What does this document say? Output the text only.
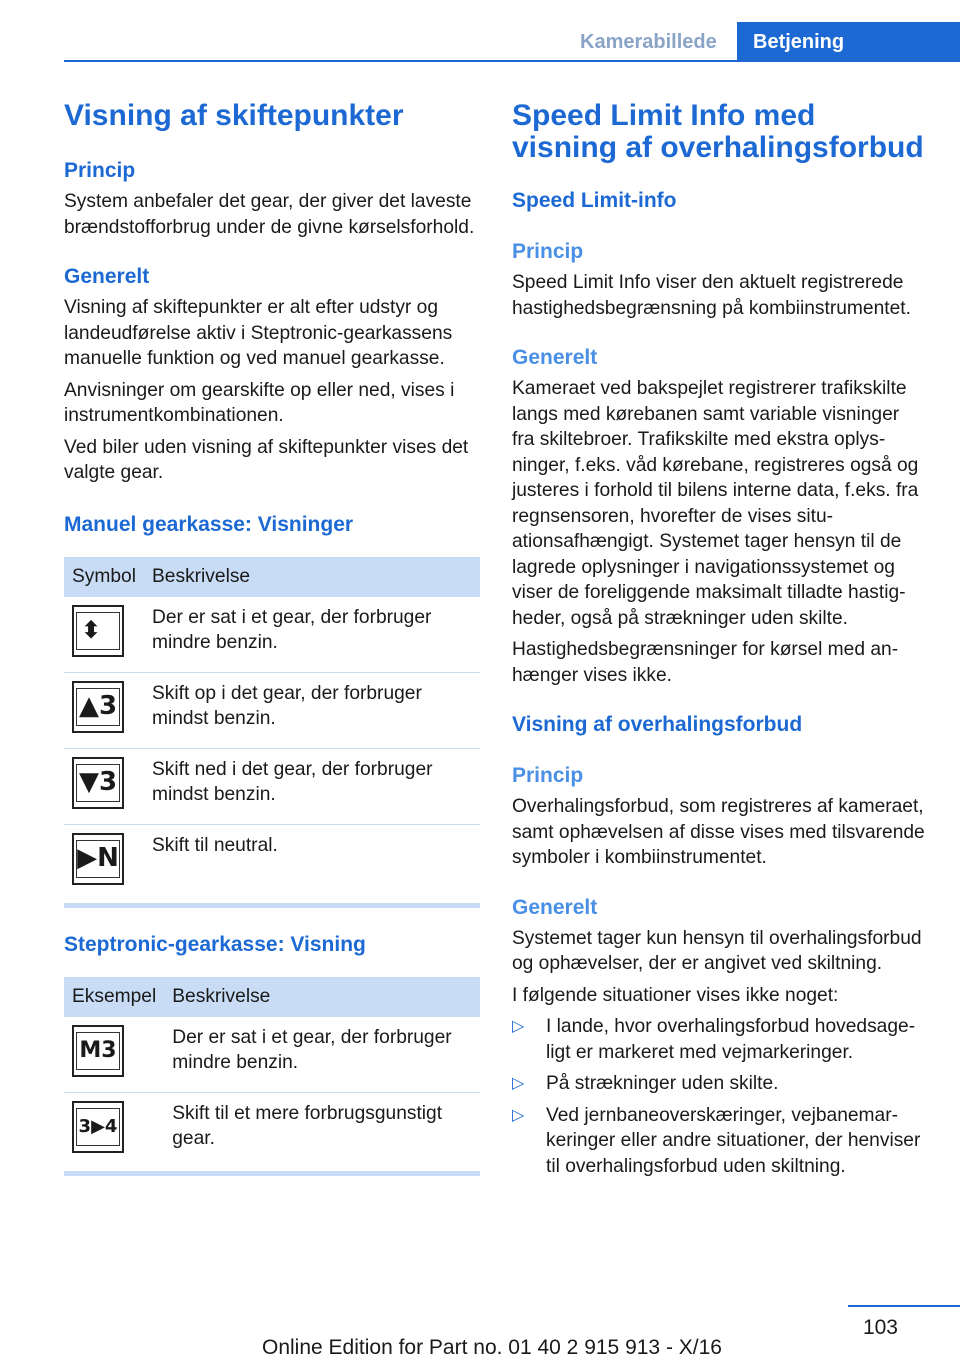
Kamerabillede	Betjening
Visning af skiftepunkter
Princip

System anbefaler det gear, der giver det laveste brændstofforbrug under de givne kørselsforhold.

Generelt

Visning af skiftepunkter er alt efter udstyr og landeudførelse aktiv i Steptronic-gearkassens manuelle funktion og ved manuel gearkasse.

Anvisninger om gearskifte op eller ned, vises i instrumentkombinationen.

Ved biler uden visning af skiftepunkter vises det valgte gear.

Manuel gearkasse: Visninger
Symbol	Beskrivelse

⬍	Der er sat i et gear, der forbruger mindre benzin.

▲3	Skift op i det gear, der forbruger mindst benzin.

▼3	Skift ned i det gear, der forbruger mindst benzin.

▶N	Skift til neutral.
Steptronic-gearkasse: Visning
Eksempel	Beskrivelse

M3	Der er sat i et gear, der forbruger mindre benzin.

3▶4	Skift til et mere forbrugsgunstigt gear.
Speed Limit Info med visning af overhalingsforbud
Speed Limit-info
Princip

Speed Limit Info viser den aktuelt registrerede hastighedsbegrænsning på kombiinstrumentet.

Generelt

Kameraet ved bakspejlet registrerer trafikskilte langs med kørebanen samt variable visninger fra skiltebroer. Trafikskilte med ekstra oplysninger, f.eks. våd kørebane, registreres også og justeres i forhold til bilens interne data, f.eks. fra regnsensoren, hvorefter de vises situationsafhængigt. Systemet tager hensyn til de lagrede oplysninger i navigationssystemet og viser de foreliggende maksimalt tilladte hastigheder, også på strækninger uden skilte.

Hastighedsbegrænsninger for kørsel med anhænger vises ikke.

Visning af overhalingsforbud
Princip

Overhalingsforbud, som registreres af kameraet, samt ophævelsen af disse vises med tilsvarende symboler i kombiinstrumentet.

Generelt

Systemet tager kun hensyn til overhalingsforbud og ophævelser, der er angivet ved skiltning.

I følgende situationer vises ikke noget:

▷ I lande, hvor overhalingsforbud hovedsageligt er markeret med vejmarkeringer.
▷ På strækninger uden skilte.
▷ Ved jernbaneoverskæringer, vejbanemarkeringer eller andre situationer, der henviser til overhalingsforbud uden skiltning.
103
Online Edition for Part no. 01 40 2 915 913 - X/16
